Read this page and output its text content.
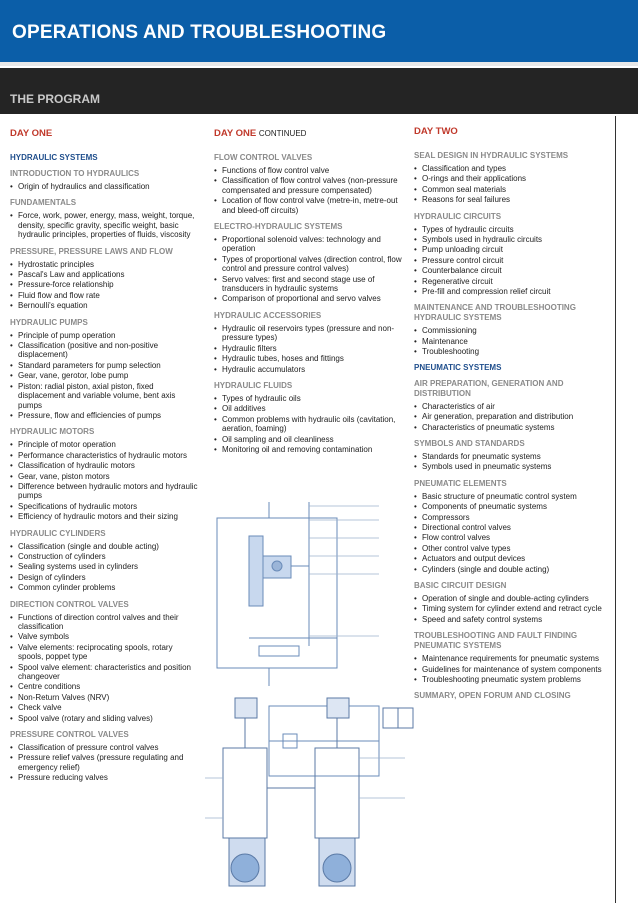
OPERATIONS AND TROUBLESHOOTING
THE PROGRAM
DAY ONE
HYDRAULIC SYSTEMS
INTRODUCTION TO HYDRAULICS
• Origin of hydraulics and classification
FUNDAMENTALS
• Force, work, power, energy, mass, weight, torque, density, specific gravity, specific weight, basic hydraulic principles, properties of fluids, viscosity
PRESSURE, PRESSURE LAWS AND FLOW
• Hydrostatic principles
• Pascal's Law and applications
• Pressure-force relationship
• Fluid flow and flow rate
• Bernoulli's equation
HYDRAULIC PUMPS
• Principle of pump operation
• Classification (positive and non-positive displacement)
• Standard parameters for pump selection
• Gear, vane, gerotor, lobe pump
• Piston: radial piston, axial piston, fixed displacement and variable volume, bent axis pumps
• Pressure, flow and efficiencies of pumps
HYDRAULIC MOTORS
• Principle of motor operation
• Performance characteristics of hydraulic motors
• Classification of hydraulic motors
• Gear, vane, piston motors
• Difference between hydraulic motors and hydraulic pumps
• Specifications of hydraulic motors
• Efficiency of hydraulic motors and their sizing
HYDRAULIC CYLINDERS
• Classification (single and double acting)
• Construction of cylinders
• Sealing systems used in cylinders
• Design of cylinders
• Common cylinder problems
DIRECTION CONTROL VALVES
• Functions of direction control valves and their classification
• Valve symbols
• Valve elements: reciprocating spools, rotary spools, poppet type
• Spool valve element: characteristics and position changeover
• Centre conditions
• Non-Return Valves (NRV)
• Check valve
• Spool valve (rotary and sliding valves)
PRESSURE CONTROL VALVES
• Classification of pressure control valves
• Pressure relief valves (pressure regulating and emergency relief)
• Pressure reducing valves
DAY ONE CONTINUED
FLOW CONTROL VALVES
• Functions of flow control valve
• Classification of flow control valves (non-pressure compensated and pressure compensated)
• Location of flow control valve (metre-in, metre-out and bleed-off circuits)
ELECTRO-HYDRAULIC SYSTEMS
• Proportional solenoid valves: technology and operation
• Types of proportional valves (direction control, flow control and pressure control valves)
• Servo valves: first and second stage use of transducers in hydraulic systems
• Comparison of proportional and servo valves
HYDRAULIC ACCESSORIES
• Hydraulic oil reservoirs types (pressure and non-pressure types)
• Hydraulic filters
• Hydraulic tubes, hoses and fittings
• Hydraulic accumulators
HYDRAULIC FLUIDS
• Types of hydraulic oils
• Oil additives
• Common problems with hydraulic oils (cavitation, aeration, foaming)
• Oil sampling and oil cleanliness
• Monitoring oil and removing contamination
DAY TWO
SEAL DESIGN IN HYDRAULIC SYSTEMS
• Classification and types
• O-rings and their applications
• Common seal materials
• Reasons for seal failures
HYDRAULIC CIRCUITS
• Types of hydraulic circuits
• Symbols used in hydraulic circuits
• Pump unloading circuit
• Pressure control circuit
• Counterbalance circuit
• Regenerative circuit
• Pre-fill and compression relief circuit
MAINTENANCE AND TROUBLESHOOTING HYDRAULIC SYSTEMS
• Commissioning
• Maintenance
• Troubleshooting
PNEUMATIC SYSTEMS
AIR PREPARATION, GENERATION AND DISTRIBUTION
• Characteristics of air
• Air generation, preparation and distribution
• Characteristics of pneumatic systems
SYMBOLS AND STANDARDS
• Standards for pneumatic systems
• Symbols used in pneumatic systems
PNEUMATIC ELEMENTS
• Basic structure of pneumatic control system
• Components of pneumatic systems
• Compressors
• Directional control valves
• Flow control valves
• Other control valve types
• Actuators and output devices
• Cylinders (single and double acting)
BASIC CIRCUIT DESIGN
• Operation of single and double-acting cylinders
• Timing system for cylinder extend and retract cycle
• Speed and safety control systems
TROUBLESHOOTING AND FAULT FINDING PNEUMATIC SYSTEMS
• Maintenance requirements for pneumatic systems
• Guidelines for maintenance of system components
• Troubleshooting pneumatic system problems
SUMMARY, OPEN FORUM AND CLOSING
